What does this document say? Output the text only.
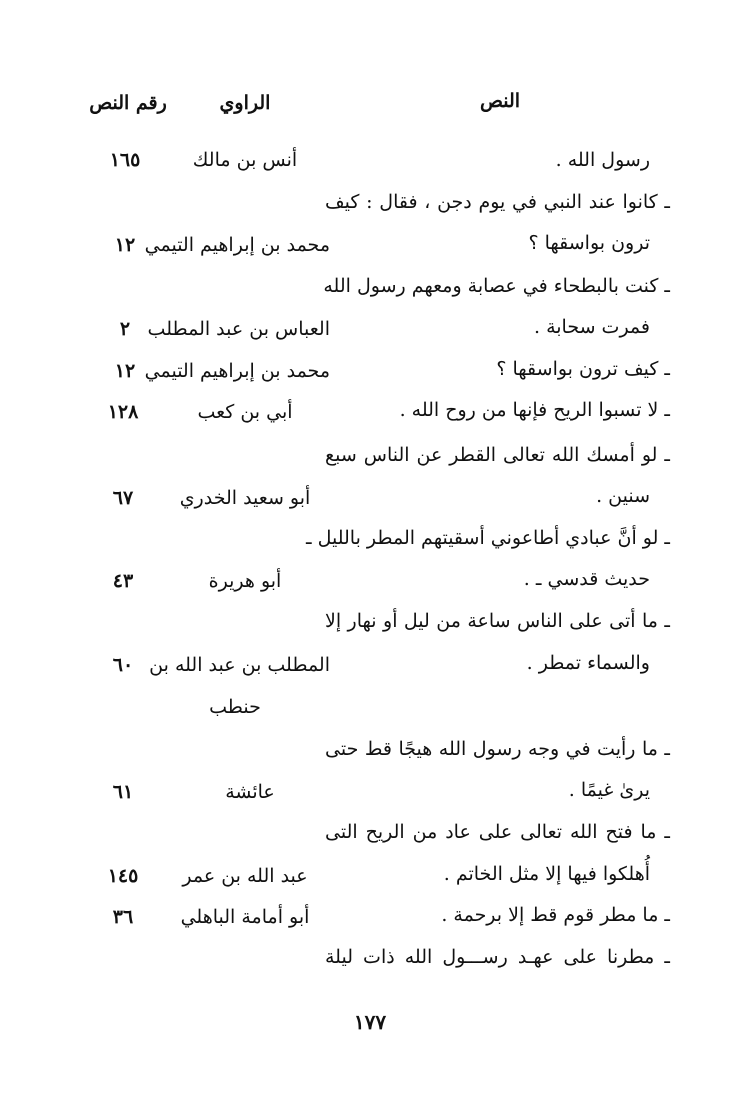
النص
الراوي
رقم النص
رسول الله .
أنس بن مالك
١٦٥
ـ كانوا عند النبي في يوم دجن ، فقال : كيف
ترون بواسقها ؟
محمد بن إبراهيم التيمي
١٢
ـ كنت بالبطحاء في عصابة ومعهم رسول الله
فمرت سحابة .
العباس بن عبد المطلب
٢
ـ كيف ترون بواسقها ؟
محمد بن إبراهيم التيمي
١٢
ـ لا تسبوا الريح فإنها من روح الله .
أبي بن كعب
١٢٨
ـ لو أمسك الله تعالى القطر عن الناس سبع
سنين .
أبو سعيد الخدري
٦٧
ـ لو أنَّ عبادي أطاعوني أسقيتهم المطر بالليل ـ
حديث قدسي ـ .
أبو هريرة
٤٣
ـ ما أتى على الناس ساعة من ليل أو نهار إلا
والسماء تمطر .
المطلب بن عبد الله بن
٦٠
حنطب
ـ ما رأيت في وجه رسول الله هيجًا قط حتى
يرىٰ غيمًا .
عائشة
٦١
ـ ما فتح الله تعالى على عاد من الريح التى
أُهلكوا فيها إلا مثل الخاتم .
عبد الله بن عمر
١٤٥
ـ ما مطر قوم قط إلا برحمة .
أبو أمامة الباهلي
٣٦
ـ مطرنا على عهـد رســـول الله ذات ليلة
١٧٧
